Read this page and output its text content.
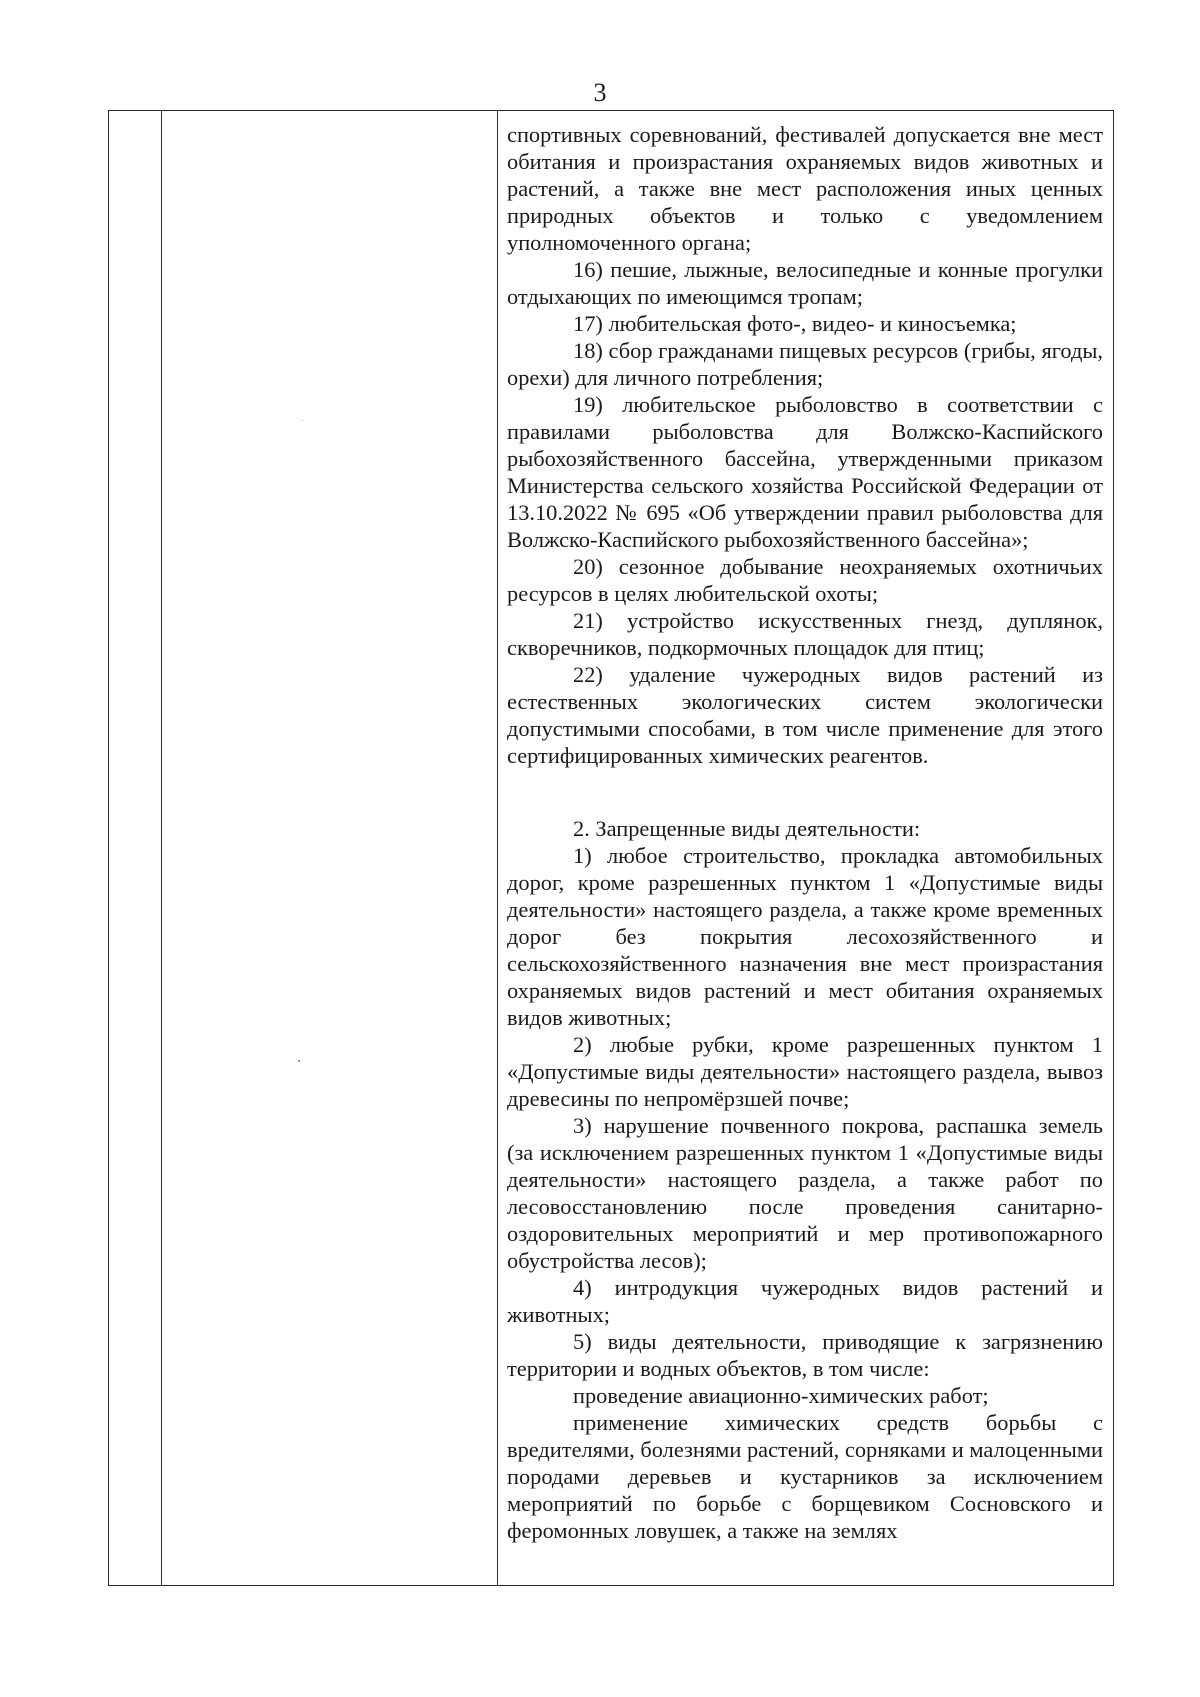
3

спортивных соревнований, фестивалей допускается вне мест обитания и произрастания охраняемых видов животных и растений, а также вне мест расположения иных ценных природных объектов и только с уведомлением уполномоченного органа;

16) пешие, лыжные, велосипедные и конные прогулки отдыхающих по имеющимся тропам;

17) любительская фото-, видео- и киносъемка;

18) сбор гражданами пищевых ресурсов (грибы, ягоды, орехи) для личного потребления;

19) любительское рыболовство в соответствии с правилами рыболовства для Волжско-Каспийского рыбохозяйственного бассейна, утвержденными приказом Министерства сельского хозяйства Российской Федерации от 13.10.2022 № 695 «Об утверждении правил рыболовства для Волжско-Каспийского рыбохозяйственного бассейна»;

20) сезонное добывание неохраняемых охотничьих ресурсов в целях любительской охоты;

21) устройство искусственных гнезд, дуплянок, скворечников, подкормочных площадок для птиц;

22) удаление чужеродных видов растений из естественных экологических систем экологически допустимыми способами, в том числе применение для этого сертифицированных химических реагентов.

2. Запрещенные виды деятельности:

1) любое строительство, прокладка автомобильных дорог, кроме разрешенных пунктом 1 «Допустимые виды деятельности» настоящего раздела, а также кроме временных дорог без покрытия лесохозяйственного и сельскохозяйственного назначения вне мест произрастания охраняемых видов растений и мест обитания охраняемых видов животных;

2) любые рубки, кроме разрешенных пунктом 1 «Допустимые виды деятельности» настоящего раздела, вывоз древесины по непромёрзшей почве;

3) нарушение почвенного покрова, распашка земель (за исключением разрешенных пунктом 1 «Допустимые виды деятельности» настоящего раздела, а также работ по лесовосстановлению после проведения санитарно-оздоровительных мероприятий и мер противопожарного обустройства лесов);

4) интродукция чужеродных видов растений и животных;

5) виды деятельности, приводящие к загрязнению территории и водных объектов, в том числе:

проведение авиационно-химических работ;

применение химических средств борьбы с вредителями, болезнями растений, сорняками и малоценными породами деревьев и кустарников за исключением мероприятий по борьбе с борщевиком Сосновского и феромонных ловушек, а также на землях
